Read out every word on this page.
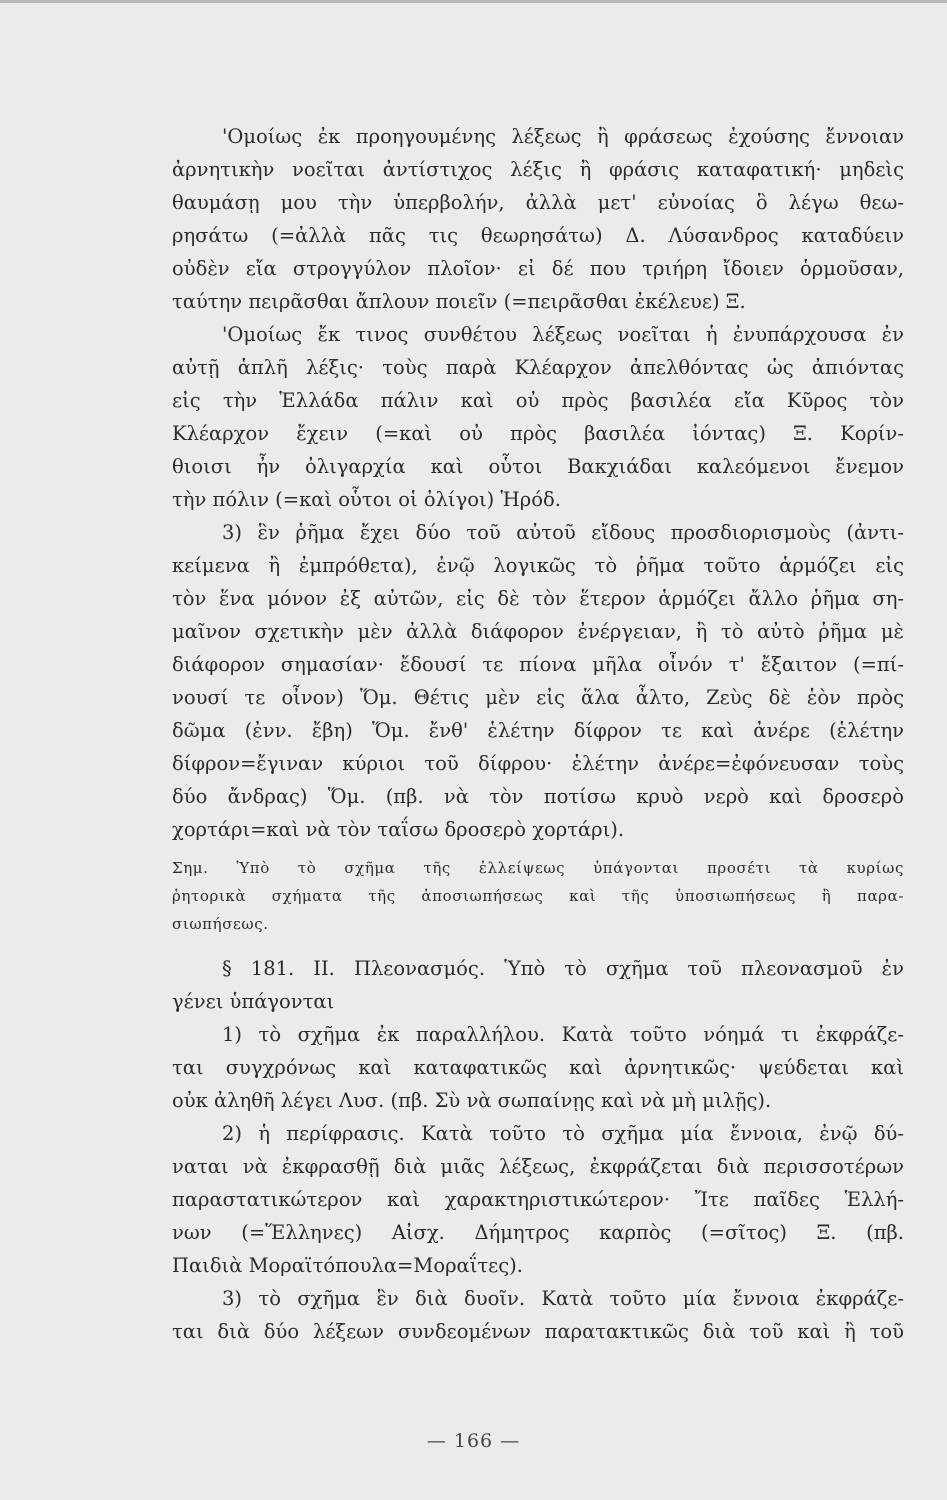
'Ομοίως ἐκ προηγουμένης λέξεως ἢ φράσεως ἐχούσης ἔννοιαν
ἀρνητικὴν νοεῖται ἀντίστιχος λέξις ἢ φράσις καταφατική· μηδεὶς
θαυμάσῃ μου τὴν ὑπερβολήν, ἀλλὰ μετ' εὐνοίας ὃ λέγω θεω-
ρησάτω (=ἀλλὰ πᾶς τις θεωρησάτω) Δ. Λύσανδρος καταδύειν
οὐδὲν εἴα στρογγύλον πλοῖον· εἰ δέ που τριήρη ἴδοιεν ὁρμοῦσαν,
ταύτην πειρᾶσθαι ἄπλουν ποιεῖν (=πειρᾶσθαι ἐκέλευε) Ξ.
'Ομοίως ἔκ τινος συνθέτου λέξεως νοεῖται ἡ ἐνυπάρχουσα ἐν
αὐτῇ ἁπλῆ λέξις· τοὺς παρὰ Κλέαρχον ἀπελθόντας ὡς ἀπιόντας
εἰς τὴν Ἑλλάδα πάλιν καὶ οὐ πρὸς βασιλέα εἴα Κῦρος τὸν
Κλέαρχον ἔχειν (=καὶ οὐ πρὸς βασιλέα ἰόντας) Ξ. Κορίν-
θιοισι ἦν ὀλιγαρχία καὶ οὗτοι Βακχιάδαι καλεόμενοι ἔνεμον
τὴν πόλιν (=καὶ οὗτοι οἱ ὀλίγοι) Ἡρόδ.
3) ἓν ῥῆμα ἔχει δύο τοῦ αὐτοῦ εἴδους προσδιορισμοὺς (ἀντι-
κείμενα ἢ ἐμπρόθετα), ἐνῷ λογικῶς τὸ ῥῆμα τοῦτο ἁρμόζει εἰς
τὸν ἕνα μόνον ἐξ αὐτῶν, εἰς δὲ τὸν ἕτερον ἁρμόζει ἄλλο ῥῆμα ση-
μαῖνον σχετικὴν μὲν ἀλλὰ διάφορον ἐνέργειαν, ἢ τὸ αὐτὸ ῥῆμα μὲ
διάφορον σημασίαν· ἔδουσί τε πίονα μῆλα οἶνόν τ' ἔξαιτον (=πί-
νουσί τε οἶνον) Ὅμ. Θέτις μὲν εἰς ἅλα ἆλτο, Ζεὺς δὲ ἑὸν πρὸς
δῶμα (ἐνν. ἔβη) Ὅμ. ἔνθ' ἑλέτην δίφρον τε καὶ ἀνέρε (ἑλέτην
δίφρον=ἔγιναν κύριοι τοῦ δίφρου· ἑλέτην ἀνέρε=ἐφόνευσαν τοὺς
δύο ἄνδρας) Ὅμ. (πβ. νὰ τὸν ποτίσω κρυὸ νερὸ καὶ δροσερὸ
χορτάρι=καὶ νὰ τὸν ταΐσω δροσερὸ χορτάρι).
Σημ. Ὑπὸ τὸ σχῆμα τῆς ἐλλείψεως ὑπάγονται προσέτι τὰ κυρίως
ῥητορικὰ σχήματα τῆς ἀποσιωπήσεως καὶ τῆς ὑποσιωπήσεως ἢ παρα-
σιωπήσεως.
§ 181. II. Πλεονασμός. Ὑπὸ τὸ σχῆμα τοῦ πλεονασμοῦ ἐν
γένει ὑπάγονται
1) τὸ σχῆμα ἐκ παραλλήλου. Κατὰ τοῦτο νόημά τι ἐκφράζε-
ται συγχρόνως καὶ καταφατικῶς καὶ ἀρνητικῶς· ψεύδεται καὶ
οὐκ ἀληθῆ λέγει Λυσ. (πβ. Σὺ νὰ σωπαίνῃς καὶ νὰ μὴ μιλῇς).
2) ἡ περίφρασις. Κατὰ τοῦτο τὸ σχῆμα μία ἔννοια, ἐνῷ δύ-
ναται νὰ ἐκφρασθῇ διὰ μιᾶς λέξεως, ἐκφράζεται διὰ περισσοτέρων
παραστατικώτερον καὶ χαρακτηριστικώτερον· Ἴτε παῖδες Ἑλλή-
νων (=Ἕλληνες) Αἰσχ. Δήμητρος καρπὸς (=σῖτος) Ξ. (πβ.
Παιδιὰ Μοραϊτόπουλα=Μοραΐτες).
3) τὸ σχῆμα ἓν διὰ δυοῖν. Κατὰ τοῦτο μία ἔννοια ἐκφράζε-
ται διὰ δύο λέξεων συνδεομένων παρατακτικῶς διὰ τοῦ καὶ ἢ τοῦ
— 166 —
